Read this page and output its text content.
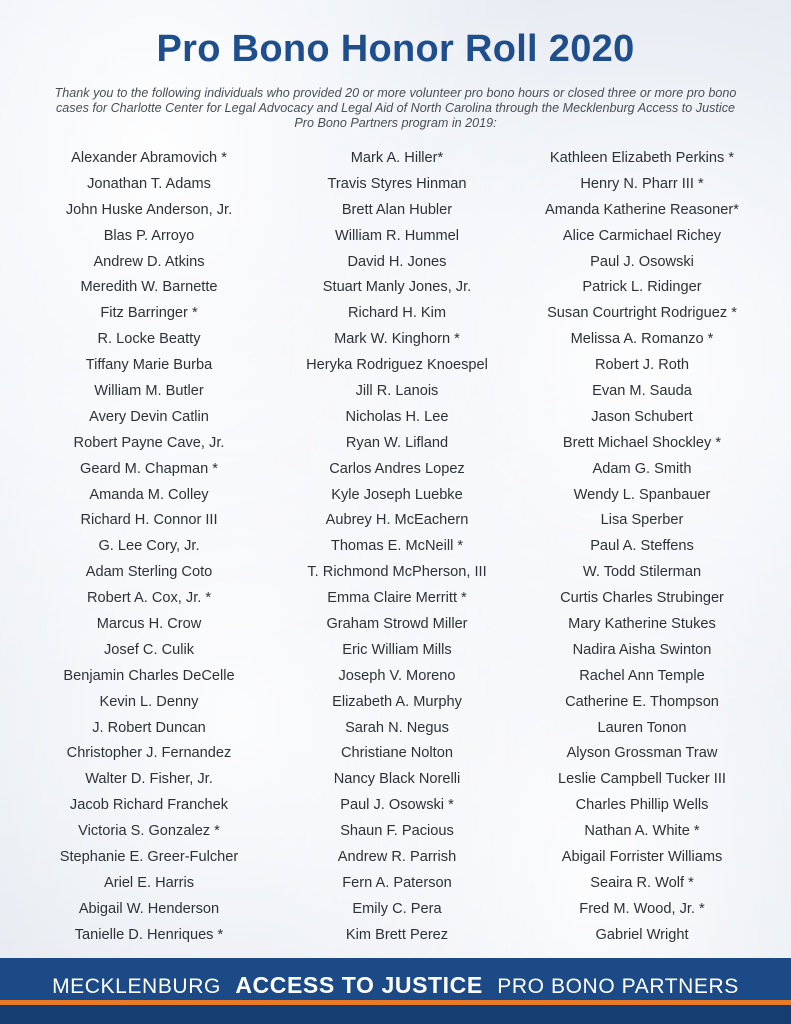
Pro Bono Honor Roll 2020
Thank you to the following individuals who provided 20 or more volunteer pro bono hours or closed three or more pro bono cases for Charlotte Center for Legal Advocacy and Legal Aid of North Carolina through the Mecklenburg Access to Justice Pro Bono Partners program in 2019:
Alexander Abramovich *
Jonathan T. Adams
John Huske Anderson, Jr.
Blas P. Arroyo
Andrew D. Atkins
Meredith W. Barnette
Fitz Barringer *
R. Locke Beatty
Tiffany Marie Burba
William M. Butler
Avery Devin Catlin
Robert Payne Cave, Jr.
Geard M. Chapman *
Amanda M. Colley
Richard H. Connor III
G. Lee Cory, Jr.
Adam Sterling Coto
Robert A. Cox, Jr. *
Marcus H. Crow
Josef C. Culik
Benjamin Charles DeCelle
Kevin L. Denny
J. Robert Duncan
Christopher J. Fernandez
Walter D. Fisher, Jr.
Jacob Richard Franchek
Victoria S. Gonzalez *
Stephanie E. Greer-Fulcher
Ariel E. Harris
Abigail W. Henderson
Tanielle D. Henriques *
Mark A. Hiller*
Travis Styres Hinman
Brett Alan Hubler
William R. Hummel
David H. Jones
Stuart Manly Jones, Jr.
Richard H. Kim
Mark W. Kinghorn *
Heryka Rodriguez Knoespel
Jill R. Lanois
Nicholas H. Lee
Ryan W. Lifland
Carlos Andres Lopez
Kyle Joseph Luebke
Aubrey H. McEachern
Thomas E. McNeill *
T. Richmond McPherson, III
Emma Claire Merritt *
Graham Strowd Miller
Eric William Mills
Joseph V. Moreno
Elizabeth A. Murphy
Sarah N. Negus
Christiane Nolton
Nancy Black Norelli
Paul J. Osowski *
Shaun F. Pacious
Andrew R. Parrish
Fern A. Paterson
Emily C. Pera
Kim Brett Perez
Kathleen Elizabeth Perkins *
Henry N. Pharr III *
Amanda Katherine Reasoner*
Alice Carmichael Richey
Paul J. Osowski
Patrick L. Ridinger
Susan Courtright Rodriguez *
Melissa A. Romanzo *
Robert J. Roth
Evan M. Sauda
Jason Schubert
Brett Michael Shockley *
Adam G. Smith
Wendy L. Spanbauer
Lisa Sperber
Paul A. Steffens
W. Todd Stilerman
Curtis Charles Strubinger
Mary Katherine Stukes
Nadira Aisha Swinton
Rachel Ann Temple
Catherine E. Thompson
Lauren Tonon
Alyson Grossman Traw
Leslie Campbell Tucker III
Charles Phillip Wells
Nathan A. White *
Abigail Forrister Williams
Seaira R. Wolf *
Fred M. Wood, Jr. *
Gabriel Wright
MECKLENBURG ACCESS TO JUSTICE PRO BONO PARTNERS
